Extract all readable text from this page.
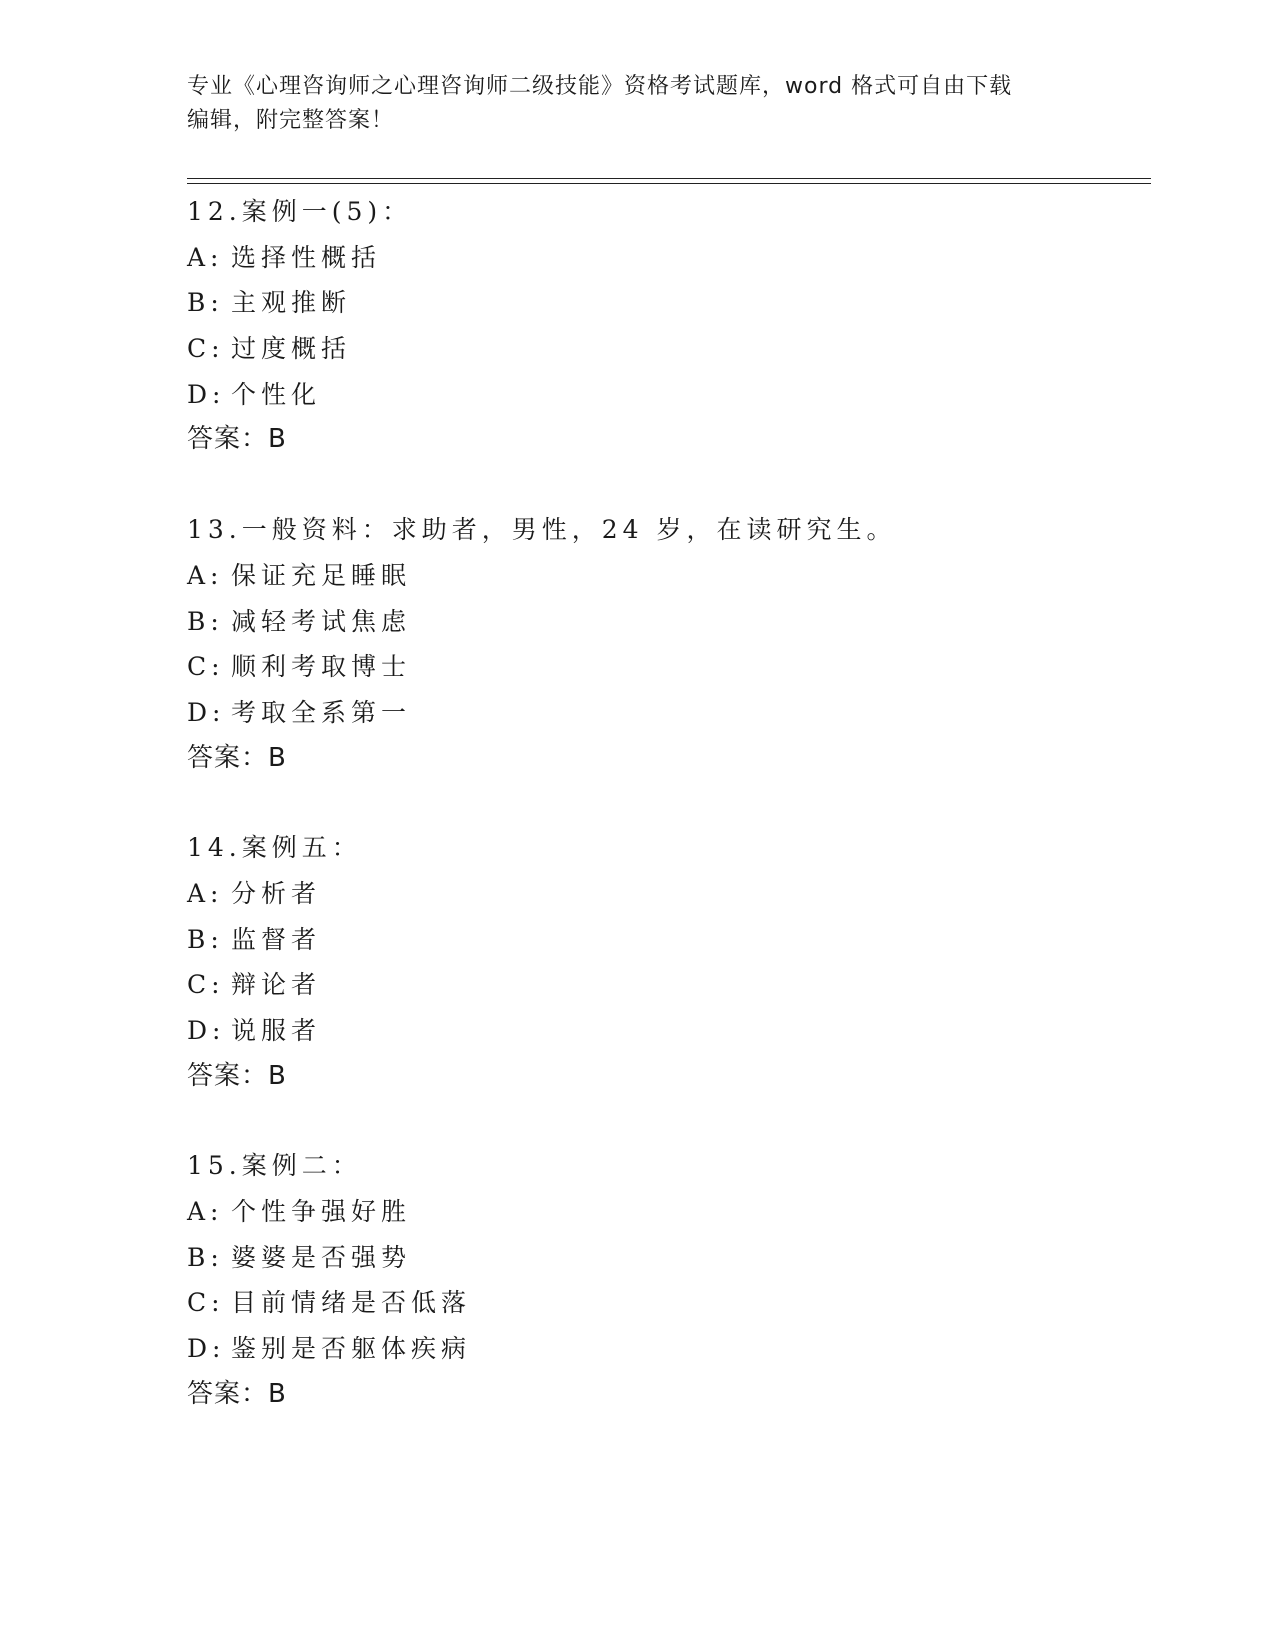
专业《心理咨询师之心理咨询师二级技能》资格考试题库，word 格式可自由下载
编辑，附完整答案！
12.案例一(5)：
A: 选择性概括
B: 主观推断
C: 过度概括
D: 个性化
答案：B
13.一般资料：求助者，男性，24 岁，在读研究生。
A: 保证充足睡眠
B: 减轻考试焦虑
C: 顺利考取博士
D: 考取全系第一
答案：B
14.案例五：
A: 分析者
B: 监督者
C: 辩论者
D: 说服者
答案：B
15.案例二：
A: 个性争强好胜
B: 婆婆是否强势
C: 目前情绪是否低落
D: 鉴别是否躯体疾病
答案：B
